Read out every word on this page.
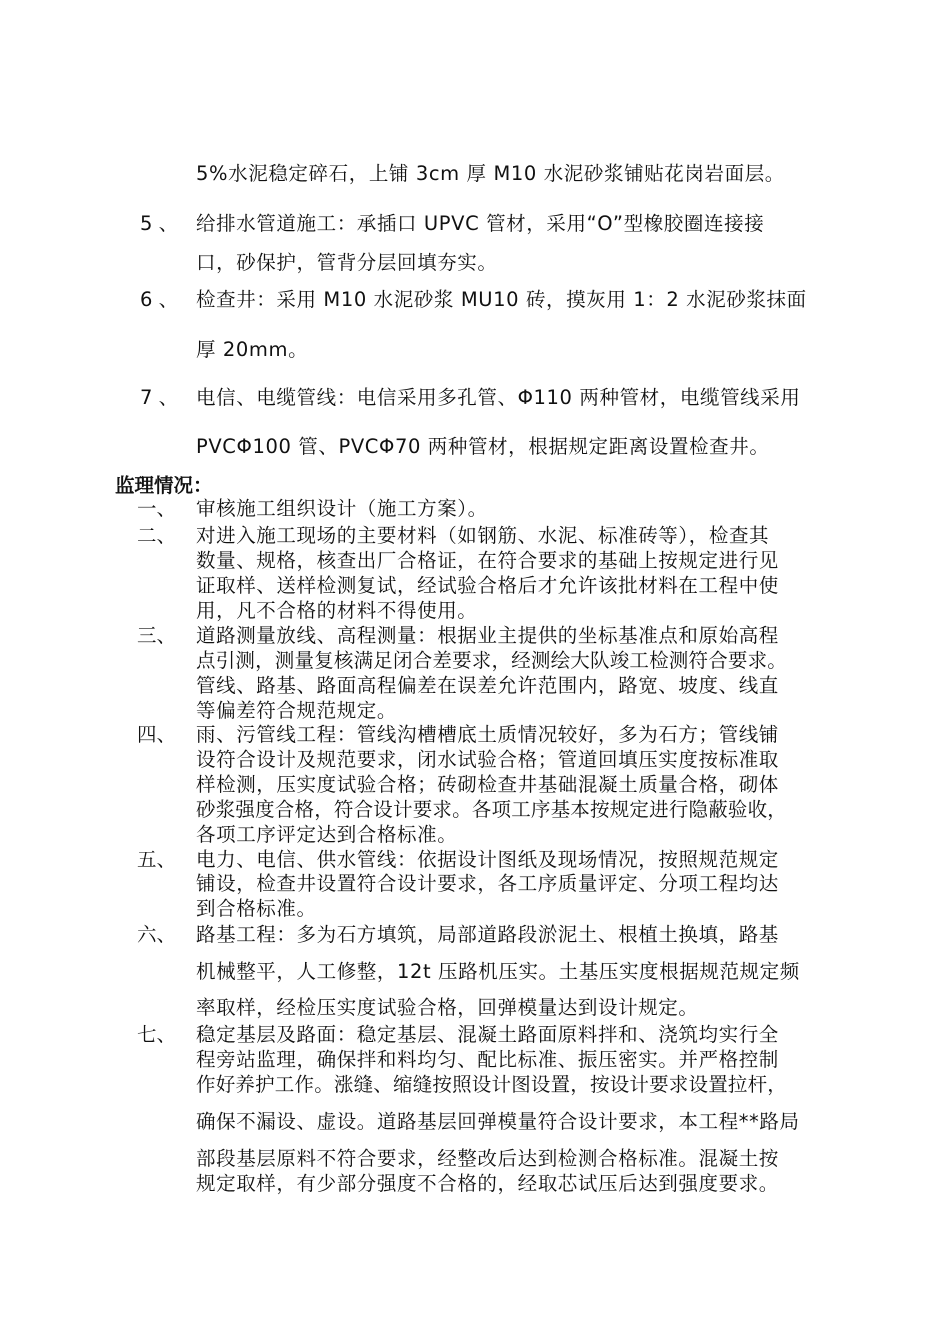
5%水泥稳定碎石，上铺 3cm 厚 M10 水泥砂浆铺贴花岗岩面层。
5 、 给排水管道施工：承插口 UPVC 管材，采用“O”型橡胶圈连接接
口，砂保护，管背分层回填夯实。
6 、 检查井：采用 M10 水泥砂浆 MU10 砖，摸灰用 1：2 水泥砂浆抹面
厚 20mm。
7 、 电信、电缆管线：电信采用多孔管、Φ110 两种管材，电缆管线采用
PVCΦ100 管、PVCΦ70 两种管材，根据规定距离设置检查井。
监理情况：
一、 审核施工组织设计（施工方案）。
二、 对进入施工现场的主要材料（如钢筋、水泥、标准砖等），检查其
数量、规格，核查出厂合格证，在符合要求的基础上按规定进行见
证取样、送样检测复试，经试验合格后才允许该批材料在工程中使
用，凡不合格的材料不得使用。
三、 道路测量放线、高程测量：根据业主提供的坐标基准点和原始高程
点引测，测量复核满足闭合差要求，经测绘大队竣工检测符合要求。
管线、路基、路面高程偏差在误差允许范围内，路宽、坡度、线直
等偏差符合规范规定。
四、 雨、污管线工程：管线沟槽槽底土质情况较好，多为石方；管线铺
设符合设计及规范要求，闭水试验合格；管道回填压实度按标准取
样检测，压实度试验合格；砖砌检查井基础混凝土质量合格，砌体
砂浆强度合格，符合设计要求。各项工序基本按规定进行隐蔽验收，
各项工序评定达到合格标准。
五、 电力、电信、供水管线：依据设计图纸及现场情况，按照规范规定
铺设，检查井设置符合设计要求，各工序质量评定、分项工程均达
到合格标准。
六、 路基工程：多为石方填筑，局部道路段淤泥土、根植土换填，路基
机械整平，人工修整，12t 压路机压实。土基压实度根据规范规定频
率取样，经检压实度试验合格，回弹模量达到设计规定。
七、 稳定基层及路面：稳定基层、混凝土路面原料拌和、浇筑均实行全
程旁站监理，确保拌和料均匀、配比标准、振压密实。并严格控制
作好养护工作。涨缝、缩缝按照设计图设置，按设计要求设置拉杆，
确保不漏设、虚设。道路基层回弹模量符合设计要求，本工程**路局
部段基层原料不符合要求，经整改后达到检测合格标准。混凝土按
规定取样，有少部分强度不合格的，经取芯试压后达到强度要求。
